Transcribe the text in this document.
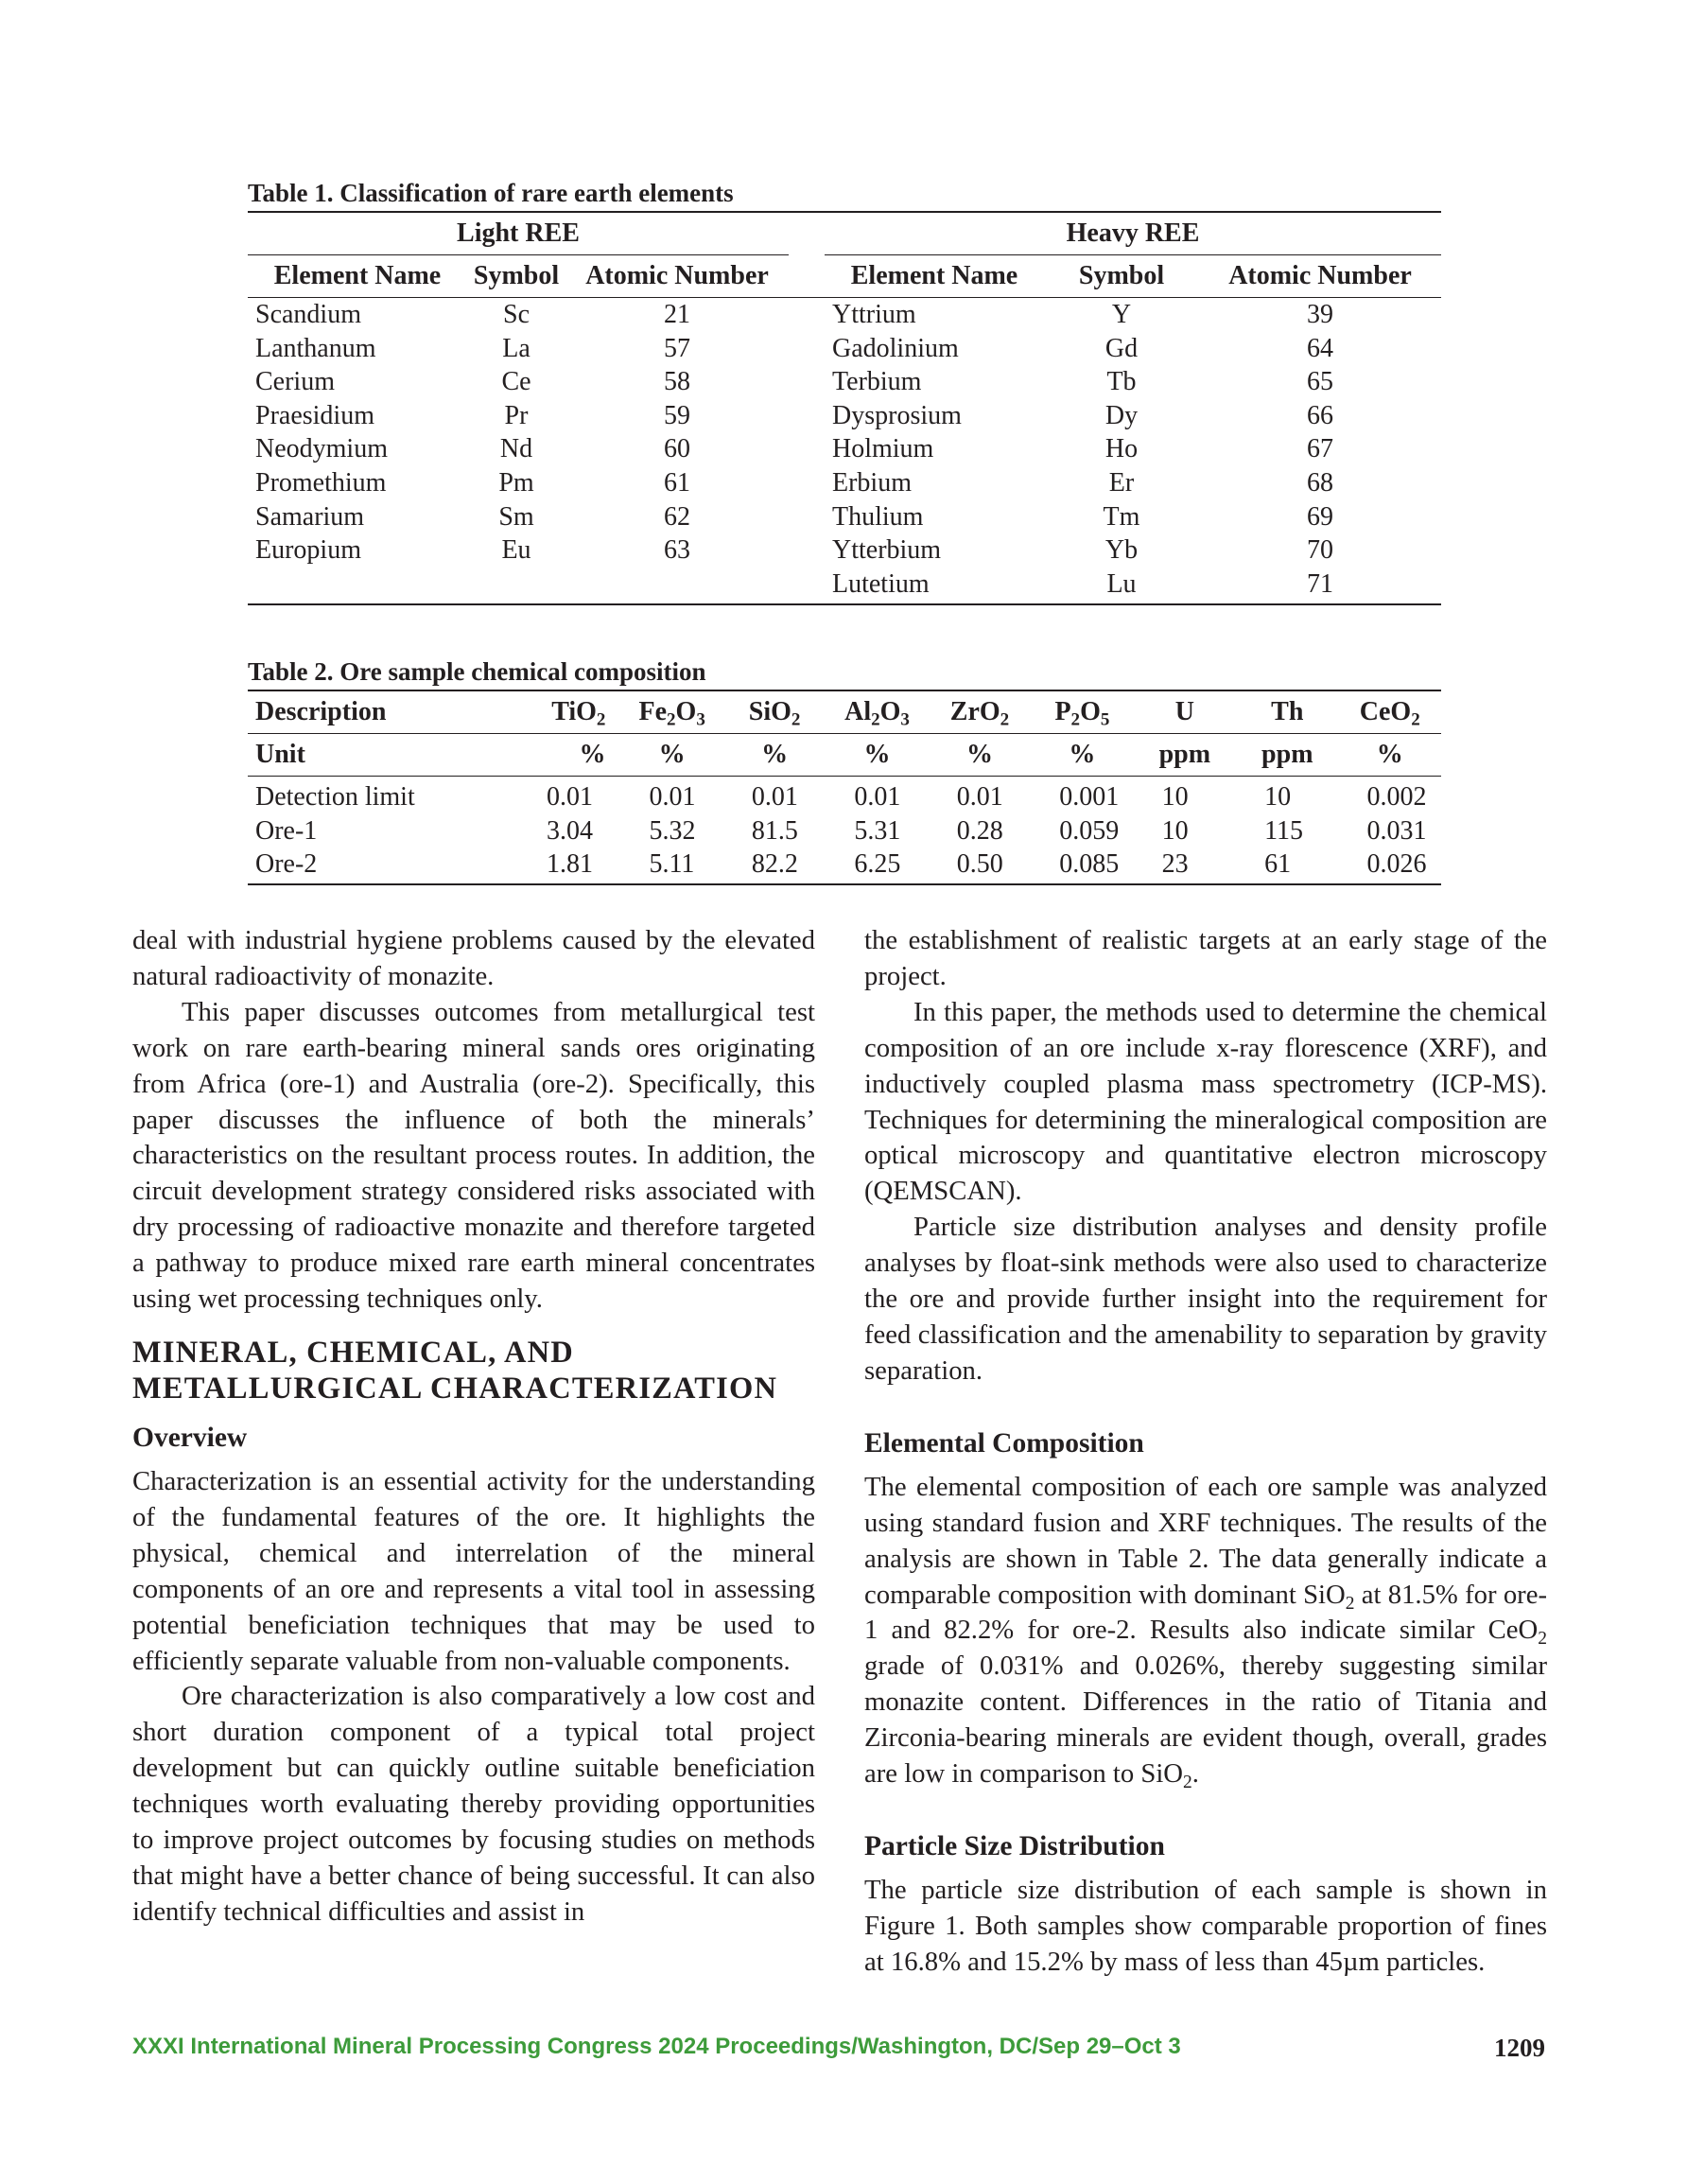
Table 1. Classification of rare earth elements
Light REE				Heavy REE		
Element Name	Symbol	Atomic Number		Element Name	Symbol	Atomic Number
Scandium	Sc	21		Yttrium	Y	39
Lanthanum	La	57		Gadolinium	Gd	64
Cerium	Ce	58		Terbium	Tb	65
Praesidium	Pr	59		Dysprosium	Dy	66
Neodymium	Nd	60		Holmium	Ho	67
Promethium	Pm	61		Erbium	Er	68
Samarium	Sm	62		Thulium	Tm	69
Europium	Eu	63		Ytterbium	Yb	70
				Lutetium	Lu	71
Table 2. Ore sample chemical composition
Description	TiO$_2$	$Fe_2O_3$	SiO$_2$	$Al_2O_3$	ZrO$_2$	$P_2O_5$	U	Th	CeO$_2$
Unit	%	%	%	%	%	%	ppm	ppm	%
Detection limit	0.01	0.01	0.01	0.01	0.01	0.001	10	10	0.002
Ore-1	3.04	5.32	81.5	5.31	0.28	0.059	10	115	0.031
Ore-2	1.81	5.11	82.2	6.25	0.50	0.085	23	61	0.026

deal with industrial hygiene problems caused by the elevated natural radioactivity of monazite.

This paper discusses outcomes from metallurgical test work on rare earth-bearing mineral sands ores originating from Africa (ore-1) and Australia (ore-2). Specifically, this paper discusses the influence of both the minerals’ characteristics on the resultant process routes. In addition, the circuit development strategy considered risks associated with dry processing of radioactive monazite and therefore targeted a pathway to produce mixed rare earth mineral concentrates using wet processing techniques only.

MINERAL, CHEMICAL, AND METALLURGICAL CHARACTERIZATION
Overview

Characterization is an essential activity for the understanding of the fundamental features of the ore. It highlights the physical, chemical and interrelation of the mineral components of an ore and represents a vital tool in assessing potential beneficiation techniques that may be used to efficiently separate valuable from non-valuable components.

Ore characterization is also comparatively a low cost and short duration component of a typical total project development but can quickly outline suitable beneficiation techniques worth evaluating thereby providing opportunities to improve project outcomes by focusing studies on methods that might have a better chance of being successful. It can also identify technical difficulties and assist in

the establishment of realistic targets at an early stage of the project.

In this paper, the methods used to determine the chemical composition of an ore include x-ray florescence (XRF), and inductively coupled plasma mass spectrometry (ICP-MS). Techniques for determining the mineralogical composition are optical microscopy and quantitative electron microscopy (QEMSCAN).

Particle size distribution analyses and density profile analyses by float-sink methods were also used to characterize the ore and provide further insight into the requirement for feed classification and the amenability to separation by gravity separation.

Elemental Composition

The elemental composition of each ore sample was analyzed using standard fusion and XRF techniques. The results of the analysis are shown in Table 2. The data generally indicate a comparable composition with dominant SiO$_2$ at 81.5% for ore-1 and 82.2% for ore-2. Results also indicate similar CeO$_2$ grade of 0.031% and 0.026%, thereby suggesting similar monazite content. Differences in the ratio of Titania and Zirconia-bearing minerals are evident though, overall, grades are low in comparison to SiO$_2$.

Particle Size Distribution

The particle size distribution of each sample is shown in Figure 1. Both samples show comparable proportion of fines at 16.8% and 15.2% by mass of less than 45µm particles.

XXXI International Mineral Processing Congress 2024 Proceedings/Washington, DC/Sep 29–Oct 3	1209
